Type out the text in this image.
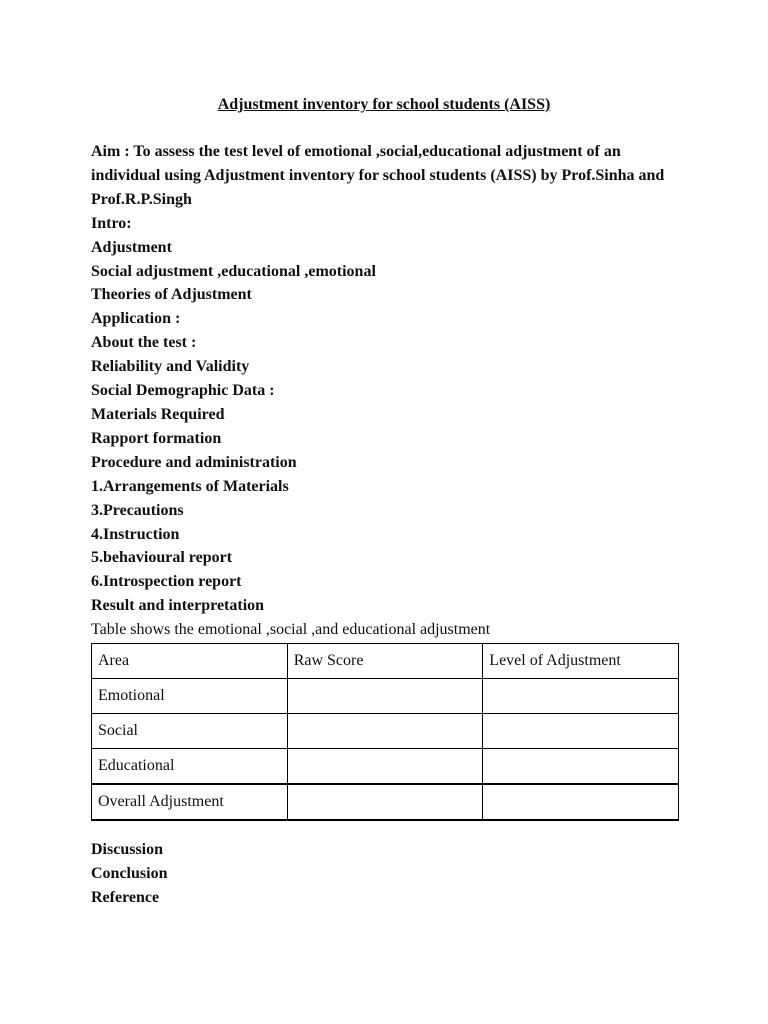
Adjustment inventory for school students (AISS)
Aim : To assess the test level of emotional ,social,educational adjustment of an individual using Adjustment inventory for school students (AISS) by Prof.Sinha and Prof.R.P.Singh
Intro:
Adjustment
Social adjustment ,educational ,emotional
Theories of Adjustment
Application :
About the test :
Reliability and Validity
Social Demographic Data :
Materials Required
Rapport formation
Procedure and administration
1.Arrangements of Materials
3.Precautions
4.Instruction
5.behavioural report
6.Introspection report
Result and interpretation
Table shows the emotional ,social ,and educational adjustment
Area	Raw Score	Level of Adjustment
Emotional		
Social		
Educational		
Overall Adjustment		
Discussion
Conclusion
Reference
